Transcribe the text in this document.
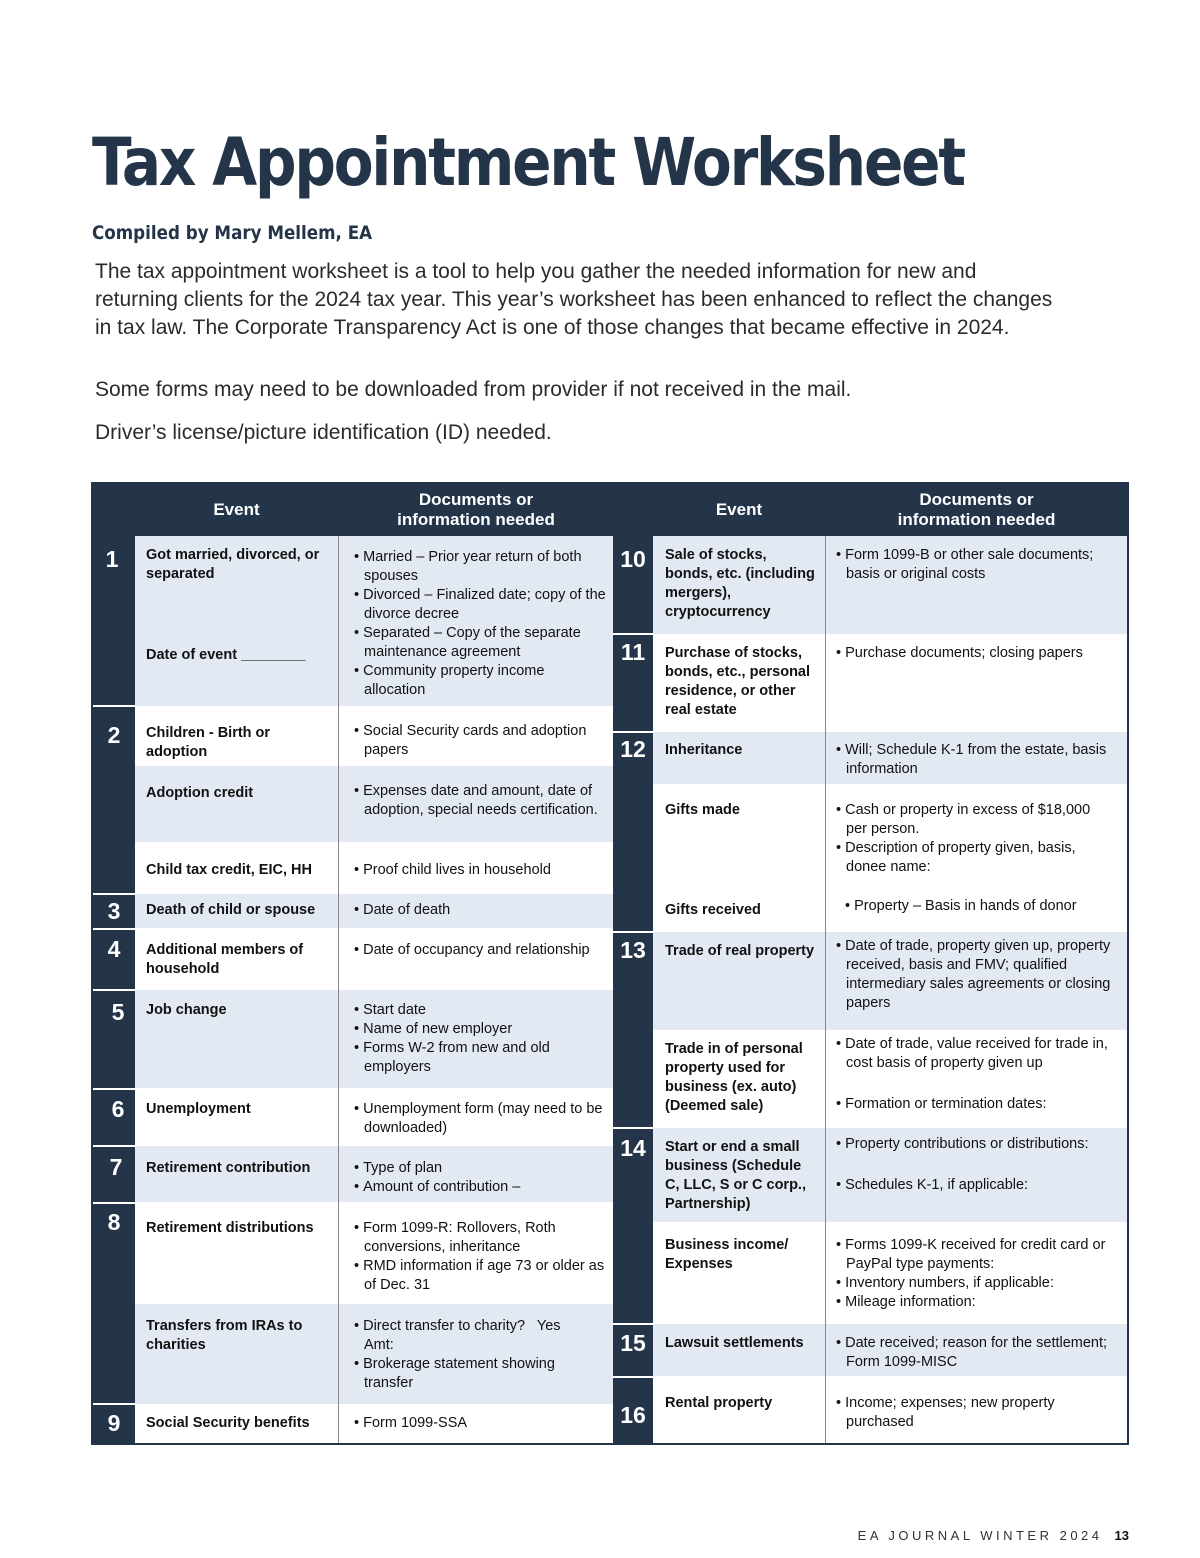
Tax Appointment Worksheet

Compiled by Mary Mellem, EA

The tax appointment worksheet is a tool to help you gather the needed information for new and returning clients for the 2024 tax year. This year’s worksheet has been enhanced to reflect the changes in tax law. The Corporate Transparency Act is one of those changes that became effective in 2024.

Some forms may need to be downloaded from provider if not received in the mail.

Driver’s license/picture identification (ID) needed.

Event
Documents or
information needed
Event
Documents or
information needed
1
2
3
4
5
6
7
8
9
10
11
12
13
14
15
16

Got married, divorced, or separated

Date of event ________

Children - Birth or adoption

Adoption credit

Child tax credit, EIC, HH

Death of child or spouse

Additional members of household

Job change

Unemployment

Retirement contribution

Retirement distributions

Transfers from IRAs to charities

Social Security benefits

• Married – Prior year return of both spouses
• Divorced – Finalized date; copy of the divorce decree
• Separated – Copy of the separate maintenance agreement
• Community property income allocation
• Social Security cards and adoption papers
• Expenses date and amount, date of adoption, special needs certification.
• Proof child lives in household
• Date of death
• Date of occupancy and relationship
• Start date
• Name of new employer
• Forms W-2 from new and old employers
• Unemployment form (may need to be downloaded)
• Type of plan
• Amount of contribution –
• Form 1099-R: Rollovers, Roth conversions, inheritance
• RMD information if age 73 or older as of Dec. 31
• Direct transfer to charity?   Yes  Amt:
• Brokerage statement showing transfer
• Form 1099-SSA

Sale of stocks, bonds, etc. (including mergers), cryptocurrency

Purchase of stocks, bonds, etc., personal residence, or other real estate

Inheritance

Gifts made

Gifts received

Trade of real property

Trade in of personal property used for business (ex. auto) (Deemed sale)

Start or end a small business (Schedule C, LLC, S or C corp., Partnership)

Business income/ Expenses

Lawsuit settlements

Rental property

• Form 1099-B or other sale documents; basis or original costs
• Purchase documents; closing papers
• Will; Schedule K-1 from the estate, basis information
• Cash or property in excess of $18,000 per person.
• Description of property given, basis, donee name:
• Property – Basis in hands of donor
• Date of trade, property given up, property received, basis and FMV; qualified intermediary sales agreements or closing papers
• Date of trade, value received for trade in, cost basis of property given up
• Formation or termination dates:
• Property contributions or distributions:
• Schedules K-1, if applicable:
• Forms 1099-K received for credit card or PayPal type payments:
• Inventory numbers, if applicable:
• Mileage information:
• Date received; reason for the settlement; Form 1099-MISC
• Income; expenses; new property purchased
EA JOURNAL WINTER 2024 13
